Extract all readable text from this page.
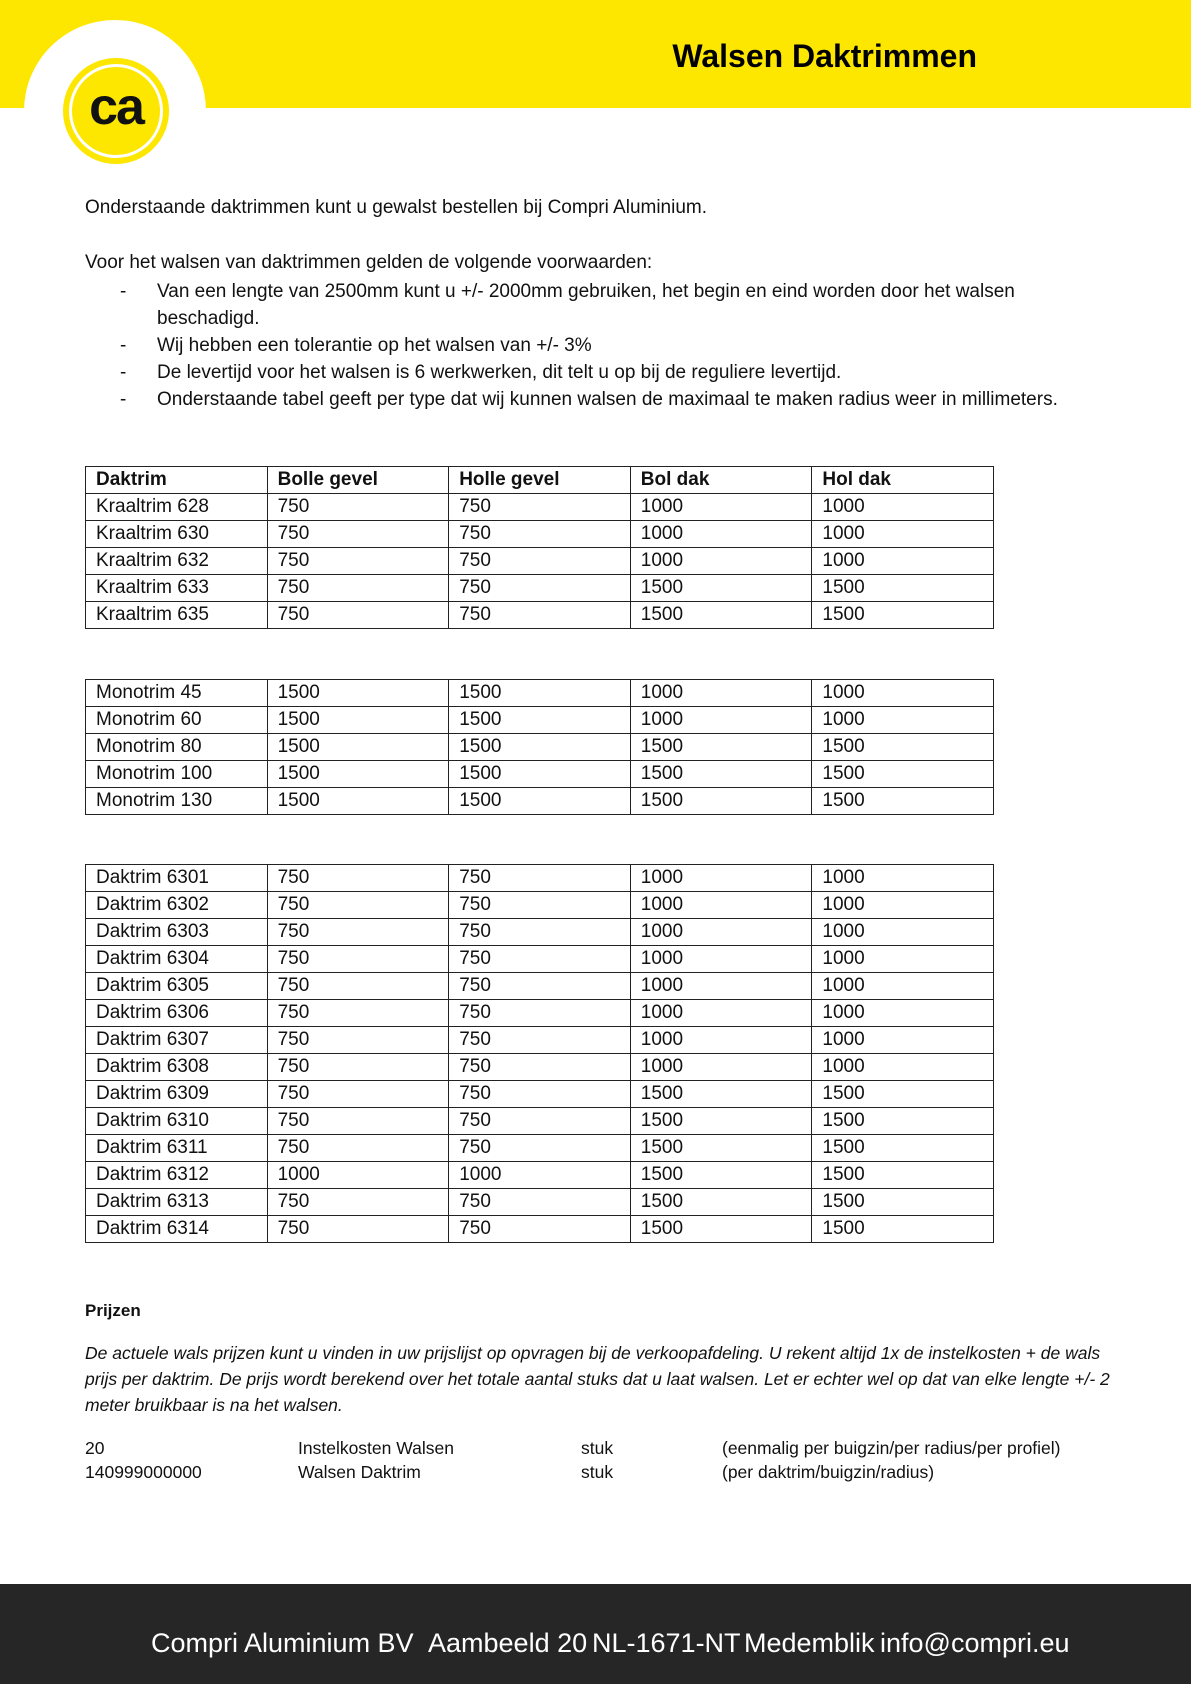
ca
Walsen Daktrimmen
Onderstaande daktrimmen kunt u gewalst bestellen bij Compri Aluminium.
Voor het walsen van daktrimmen gelden de volgende voorwaarden:
- Van een lengte van 2500mm kunt u +/- 2000mm gebruiken, het begin en eind worden door het walsen beschadigd.
- Wij hebben een tolerantie op het walsen van +/- 3%
- De levertijd voor het walsen is 6 werkwerken, dit telt u op bij de reguliere levertijd.
- Onderstaande tabel geeft per type dat wij kunnen walsen de maximaal te maken radius weer in millimeters.
Daktrim	Bolle gevel	Holle gevel	Bol dak	Hol dak
Kraaltrim 628	750	750	1000	1000
Kraaltrim 630	750	750	1000	1000
Kraaltrim 632	750	750	1000	1000
Kraaltrim 633	750	750	1500	1500
Kraaltrim 635	750	750	1500	1500
Monotrim 45	1500	1500	1000	1000
Monotrim 60	1500	1500	1000	1000
Monotrim 80	1500	1500	1500	1500
Monotrim 100	1500	1500	1500	1500
Monotrim 130	1500	1500	1500	1500
Daktrim 6301	750	750	1000	1000
Daktrim 6302	750	750	1000	1000
Daktrim 6303	750	750	1000	1000
Daktrim 6304	750	750	1000	1000
Daktrim 6305	750	750	1000	1000
Daktrim 6306	750	750	1000	1000
Daktrim 6307	750	750	1000	1000
Daktrim 6308	750	750	1000	1000
Daktrim 6309	750	750	1500	1500
Daktrim 6310	750	750	1500	1500
Daktrim 6311	750	750	1500	1500
Daktrim 6312	1000	1000	1500	1500
Daktrim 6313	750	750	1500	1500
Daktrim 6314	750	750	1500	1500
Prijzen
De actuele wals prijzen kunt u vinden in uw prijslijst op opvragen bij de verkoopafdeling. U rekent altijd 1x de instelkosten + de wals prijs per daktrim. De prijs wordt berekend over het totale aantal stuks dat u laat walsen. Let er echter wel op dat van elke lengte +/- 2 meter bruikbaar is na het walsen.
20	Instelkosten Walsen	stuk	(eenmalig per buigzin/per radius/per profiel)
140999000000	Walsen Daktrim	stuk	(per daktrim/buigzin/radius)
Compri Aluminium BV Aambeeld 20 NL-1671-NT Medemblik info@compri.eu
